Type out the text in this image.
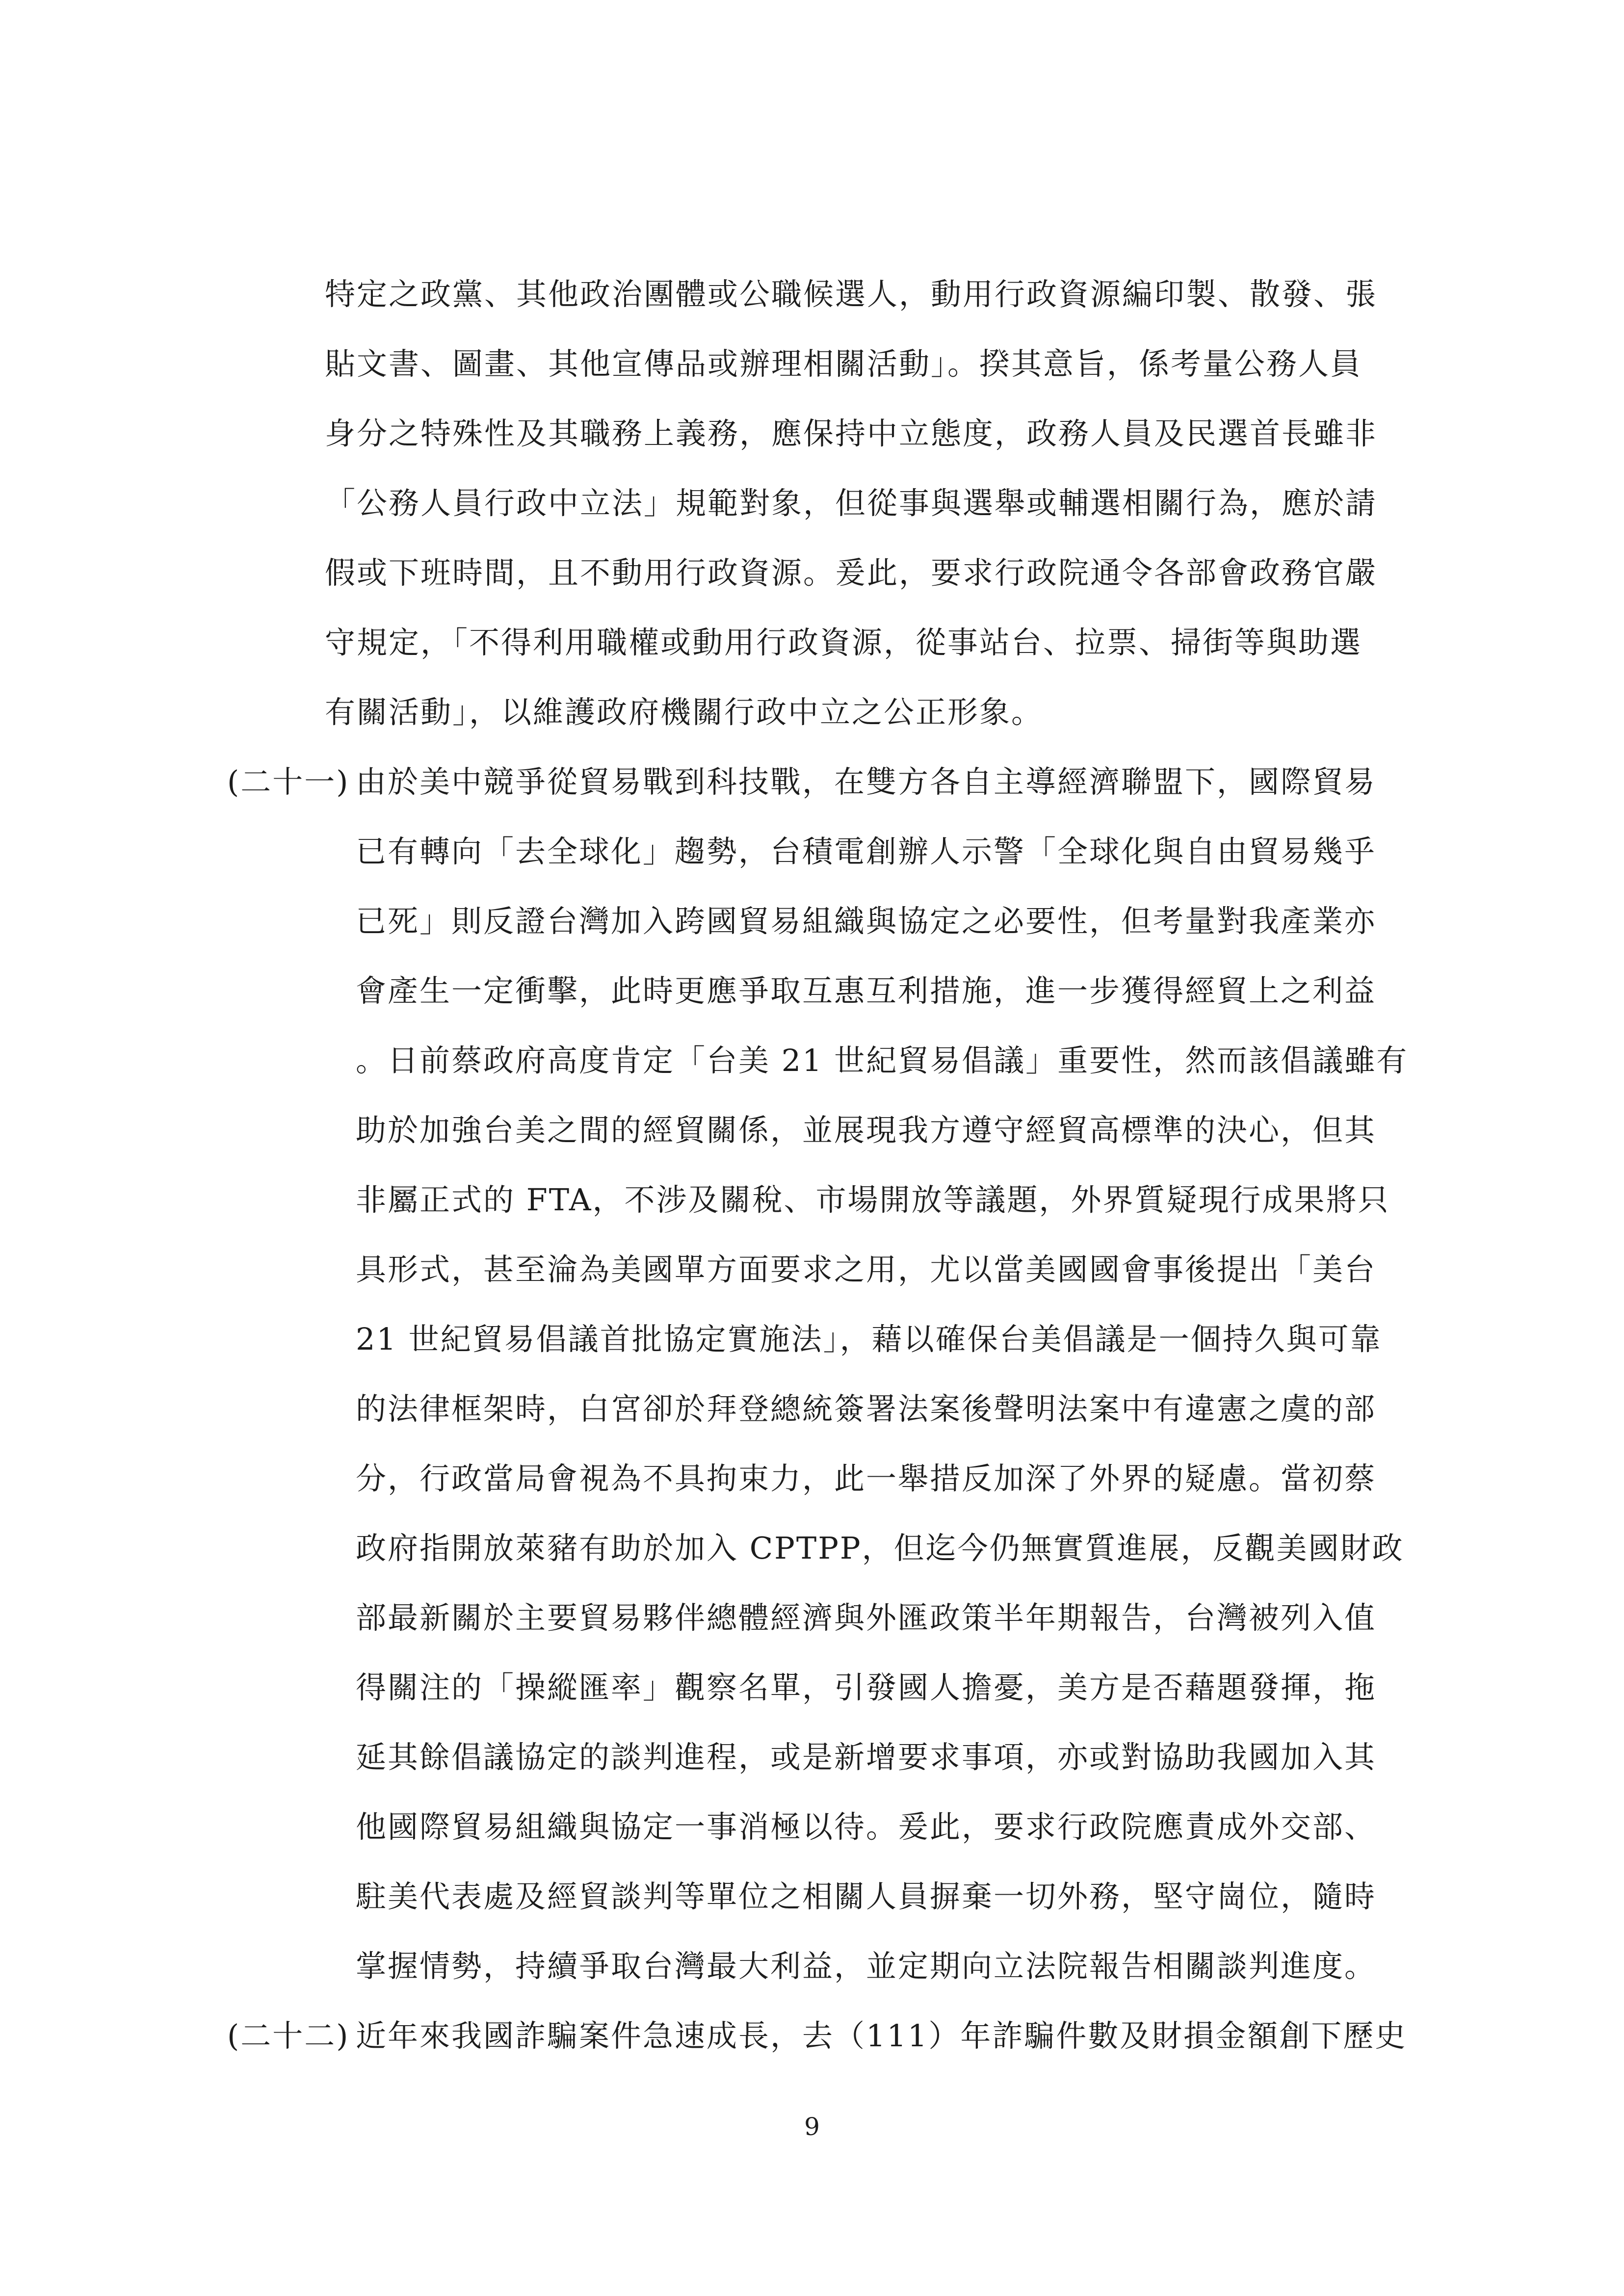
特定之政黨、其他政治團體或公職候選人，動用行政資源編印製、散發、張
貼文書、圖畫、其他宣傳品或辦理相關活動」。揆其意旨，係考量公務人員
身分之特殊性及其職務上義務，應保持中立態度，政務人員及民選首長雖非
「公務人員行政中立法」規範對象，但從事與選舉或輔選相關行為，應於請
假或下班時間，且不動用行政資源。爰此，要求行政院通令各部會政務官嚴
守規定，「不得利用職權或動用行政資源，從事站台、拉票、掃街等與助選
有關活動」，以維護政府機關行政中立之公正形象。
(二十一) 由於美中競爭從貿易戰到科技戰，在雙方各自主導經濟聯盟下，國際貿易
已有轉向「去全球化」趨勢，台積電創辦人示警「全球化與自由貿易幾乎
已死」則反證台灣加入跨國貿易組織與協定之必要性，但考量對我產業亦
會產生一定衝擊，此時更應爭取互惠互利措施，進一步獲得經貿上之利益
。日前蔡政府高度肯定「台美 21 世紀貿易倡議」重要性，然而該倡議雖有
助於加強台美之間的經貿關係，並展現我方遵守經貿高標準的決心，但其
非屬正式的 FTA，不涉及關稅、市場開放等議題，外界質疑現行成果將只
具形式，甚至淪為美國單方面要求之用，尤以當美國國會事後提出「美台
21 世紀貿易倡議首批協定實施法」，藉以確保台美倡議是一個持久與可靠
的法律框架時，白宮卻於拜登總統簽署法案後聲明法案中有違憲之虞的部
分，行政當局會視為不具拘束力，此一舉措反加深了外界的疑慮。當初蔡
政府指開放萊豬有助於加入 CPTPP，但迄今仍無實質進展，反觀美國財政
部最新關於主要貿易夥伴總體經濟與外匯政策半年期報告，台灣被列入值
得關注的「操縱匯率」觀察名單，引發國人擔憂，美方是否藉題發揮，拖
延其餘倡議協定的談判進程，或是新增要求事項，亦或對協助我國加入其
他國際貿易組織與協定一事消極以待。爰此，要求行政院應責成外交部、
駐美代表處及經貿談判等單位之相關人員摒棄一切外務，堅守崗位，隨時
掌握情勢，持續爭取台灣最大利益，並定期向立法院報告相關談判進度。
(二十二) 近年來我國詐騙案件急速成長，去（111）年詐騙件數及財損金額創下歷史
9
